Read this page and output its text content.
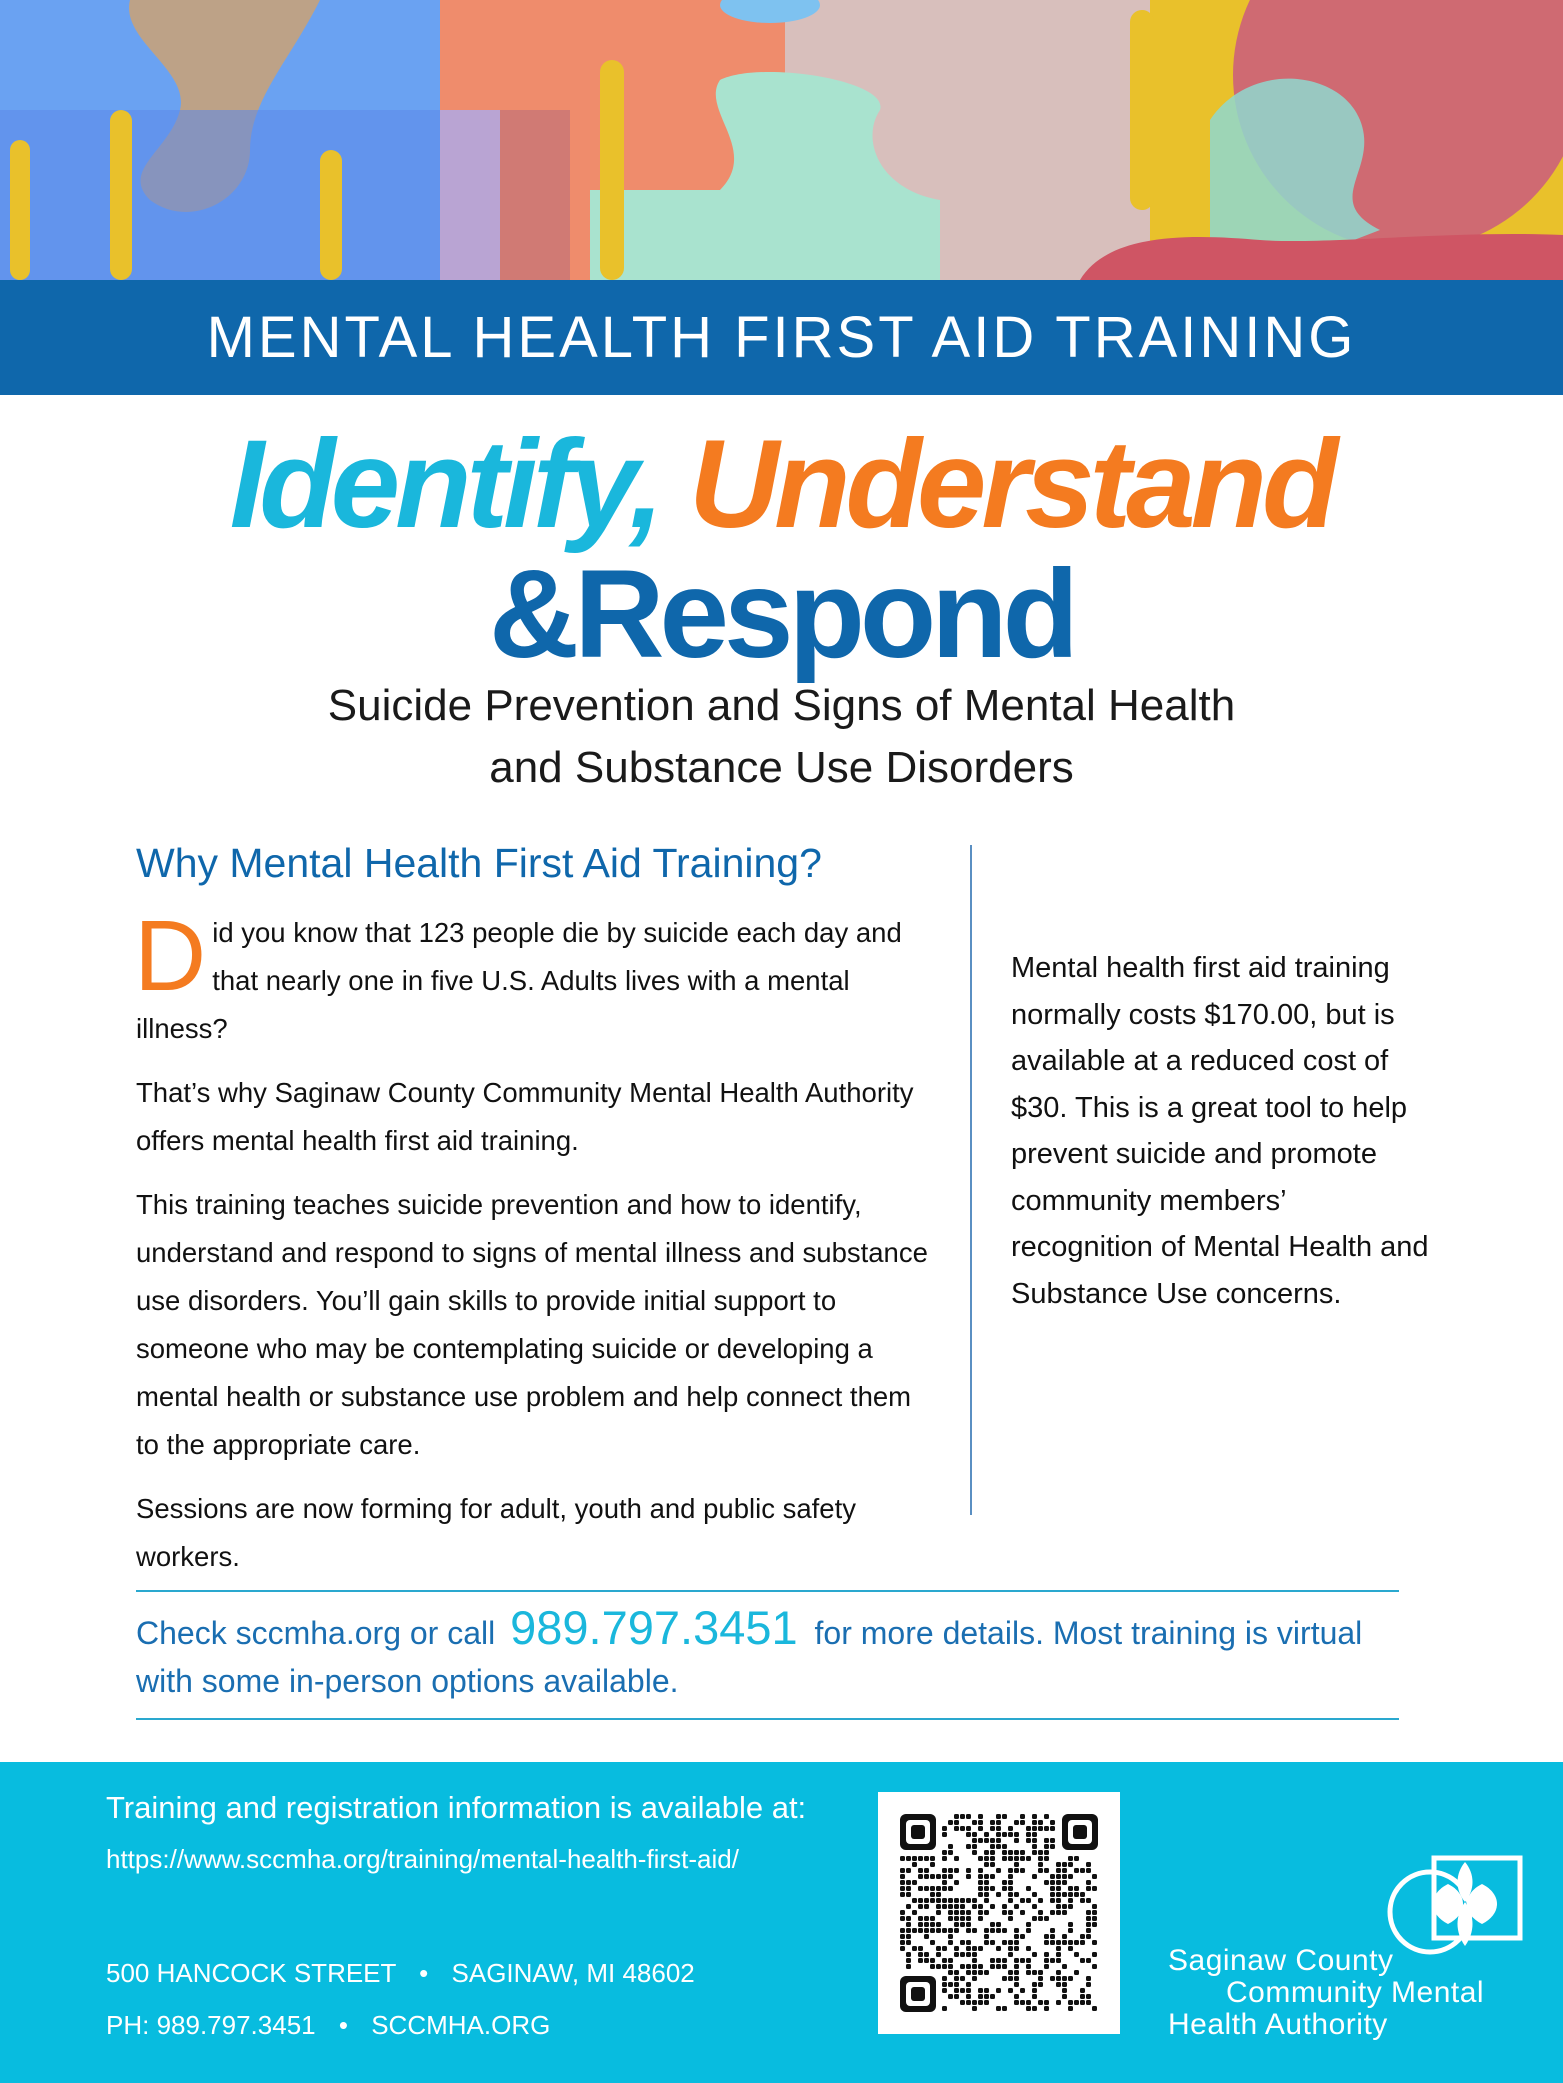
MENTAL HEALTH FIRST AID TRAINING
Identify, Understand
&Respond
Suicide Prevention and Signs of Mental Health
and Substance Use Disorders
Why Mental Health First Aid Training?

Did you know that 123 people die by suicide each day and that nearly one in five U.S. Adults lives with a mental illness?

That’s why Saginaw County Community Mental Health Authority offers mental health first aid training.

This training teaches suicide prevention and how to identify, understand and respond to signs of mental illness and substance use disorders. You’ll gain skills to provide initial support to someone who may be contemplating suicide or developing a mental health or substance use problem and help connect them to the appropriate care.

Sessions are now forming for adult, youth and public safety workers.

Mental health first aid training normally costs $170.00, but is available at a reduced cost of $30. This is a great tool to help prevent suicide and promote community members’ recognition of Mental Health and Substance Use concerns.
Check sccmha.org or call 989.797.3451 for more details. Most training is virtual with some in-person options available.
Training and registration information is available at:
https://www.sccmha.org/training/mental-health-first-aid/
500 HANCOCK STREET • SAGINAW, MI 48602
PH: 989.797.3451 • SCCMHA.ORG
Saginaw County
Community Mental
Health Authority
